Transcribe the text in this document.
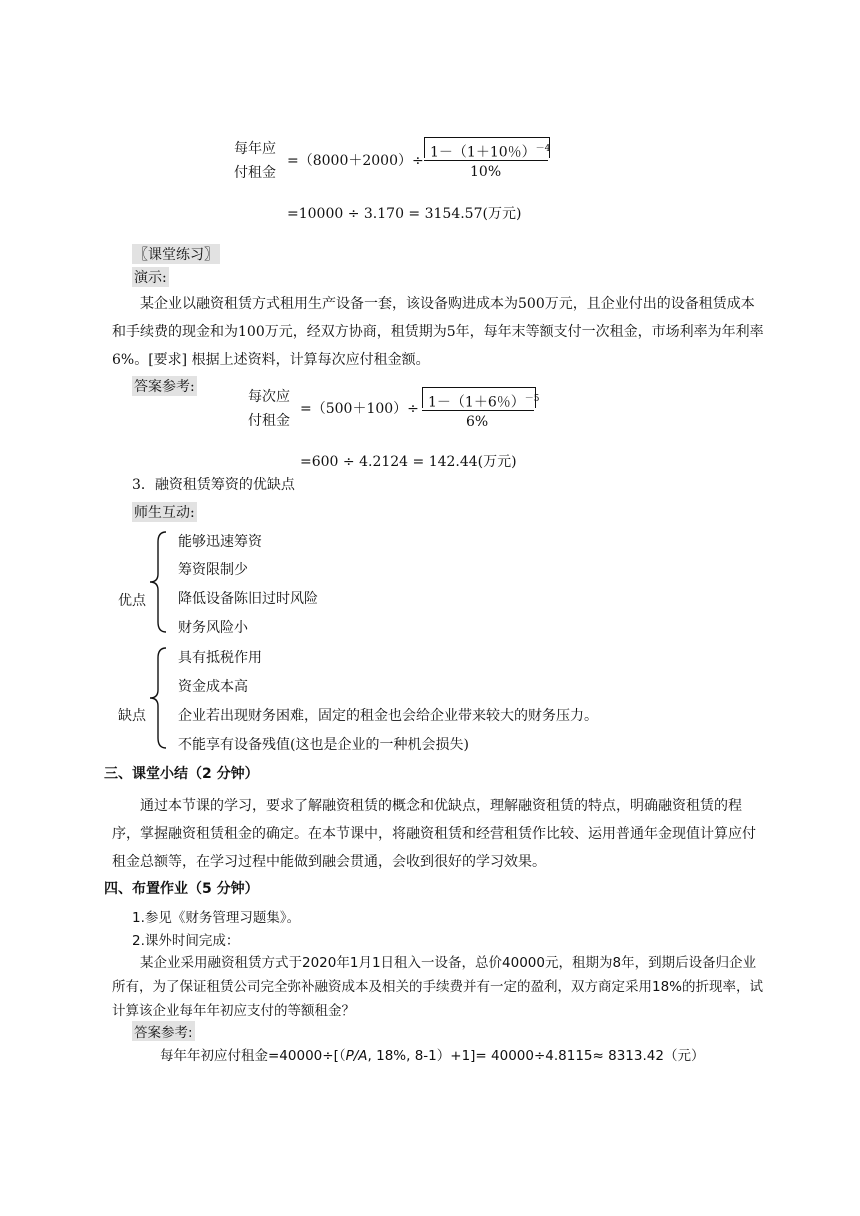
每年应
付租金
=（8000＋2000）÷
1－（1＋10％）$^{-4}$
10%
=10000 ÷ 3.170 = 3154.57(万元)
〖课堂练习〗
演示:
某企业以融资租赁方式租用生产设备一套，该设备购进成本为500万元，且企业付出的设备租赁成本和手续费的现金和为100万元，经双方协商，租赁期为5年，每年末等额支付一次租金，市场利率为年利率6%。[要求] 根据上述资料，计算每次应付租金额。
答案参考:
每次应
付租金
=（500＋100）÷ 1－（1＋6％）$^{-5}$
6%
=600 ÷ 4.2124 = 142.44(万元)
3．融资租赁筹资的优缺点
师生互动:
优点
能够迅速筹资
筹资限制少
降低设备陈旧过时风险
财务风险小
缺点
具有抵税作用
资金成本高
企业若出现财务困难，固定的租金也会给企业带来较大的财务压力。
不能享有设备残值(这也是企业的一种机会损失)
三、课堂小结（2 分钟）
通过本节课的学习，要求了解融资租赁的概念和优缺点，理解融资租赁的特点，明确融资租赁的程序，掌握融资租赁租金的确定。在本节课中，将融资租赁和经营租赁作比较、运用普通年金现值计算应付租金总额等，在学习过程中能做到融会贯通，会收到很好的学习效果。
四、布置作业（5 分钟）
1.参见《财务管理习题集》。
2.课外时间完成：
某企业采用融资租赁方式于2020年1月1日租入一设备，总价40000元，租期为8年，到期后设备归企业所有，为了保证租赁公司完全弥补融资成本及相关的手续费并有一定的盈利，双方商定采用18%的折现率，试计算该企业每年年初应支付的等额租金？
答案参考:
每年年初应付租金=40000÷[（P/A, 18%, 8-1）+1]= 40000÷4.8115≈ 8313.42（元）
